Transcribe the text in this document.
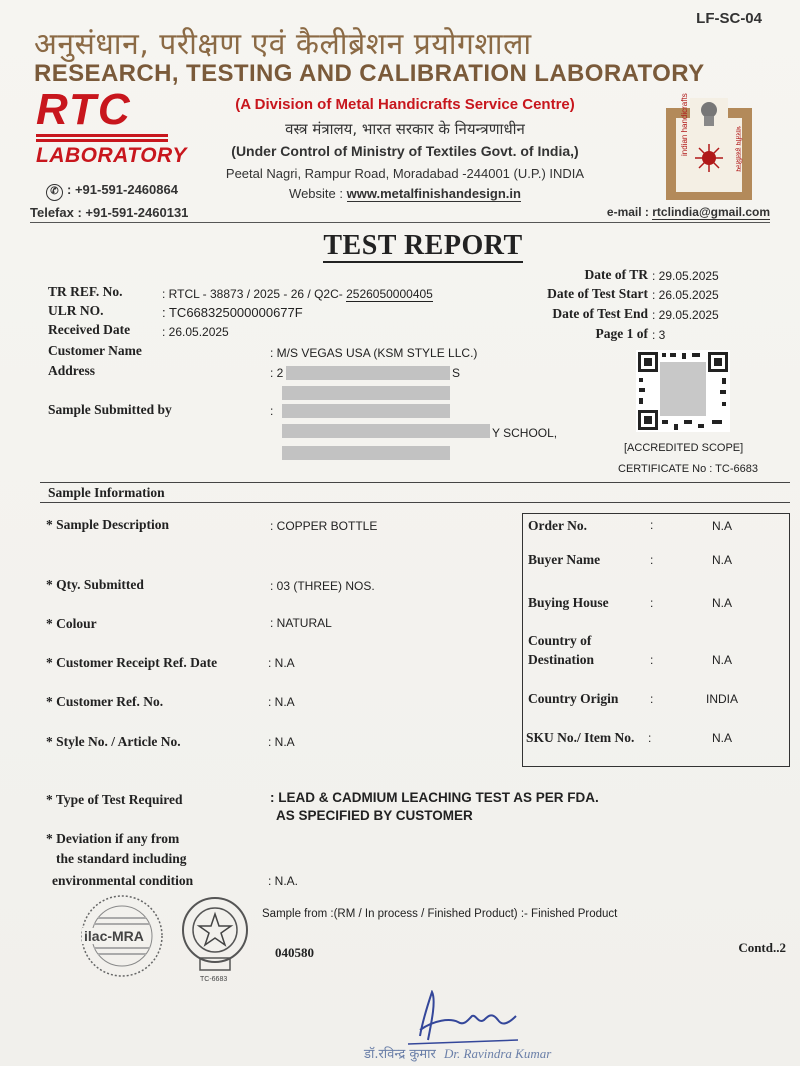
LF-SC-04
अनुसंधान, परीक्षण एवं कैलीब्रेशन प्रयोगशाला
RESEARCH, TESTING AND CALIBRATION LABORATORY
RTC
LABORATORY
(A Division of Metal Handicrafts Service Centre)
वस्त्र मंत्रालय, भारत सरकार के नियन्त्रणाधीन
(Under Control of Ministry of Textiles Govt. of India,)
Peetal Nagri, Rampur Road, Moradabad -244001 (U.P.) INDIA
Website : www.metalfinishandesign.in
✆ : +91-591-2460864
Telefax : +91-591-2460131	e-mail : rtclindia@gmail.com
indian handicrafts	भारतीय हस्तशिल्प
TEST REPORT
TR REF. No.	: RTCL - 38873 / 2025 - 26 / Q2C- 2526050000405
ULR NO.	: TC668325000000677F
Received Date	: 26.05.2025
Customer Name	: M/S VEGAS USA (KSM STYLE LLC.)
Address	: 2	S
Sample Submitted by	:
Y SCHOOL,
Date of TR : 29.05.2025
Date of Test Start : 26.05.2025
Date of Test End : 29.05.2025
Page 1 of : 3
[ACCREDITED SCOPE]
CERTIFICATE No : TC-6683
Sample Information
* Sample Description	: COPPER BOTTLE
* Qty. Submitted	: 03 (THREE) NOS.
* Colour	: NATURAL
* Customer Receipt Ref. Date	: N.A
* Customer Ref. No.	: N.A
* Style No. / Article No.	: N.A
Order No.	:	N.A
Buyer Name	:	N.A
Buying House	:	N.A
Country of
Destination	:	N.A
Country Origin	:	INDIA
SKU No./ Item No. :	N.A
* Type of Test Required	: LEAD & CADMIUM LEACHING TEST AS PER FDA.
AS SPECIFIED BY CUSTOMER
* Deviation if any from
the standard including
environmental condition	: N.A.
ilac-MRA
TC-6683
Sample from :(RM / In process / Finished Product) :- Finished Product
040580	Contd..2
डॉ.रविन्द्र कुमार Dr. Ravindra Kumar
